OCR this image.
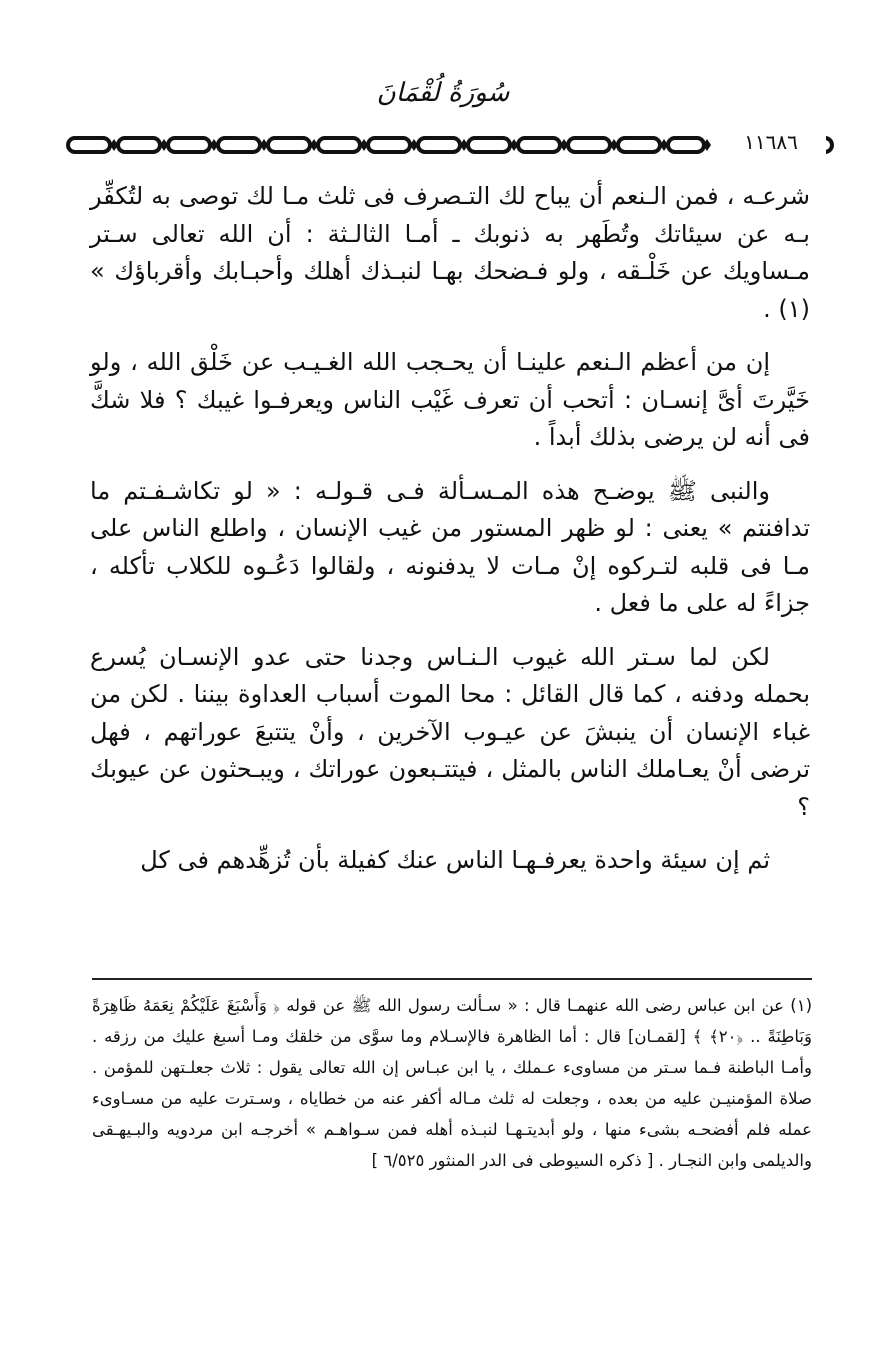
سُورَةُ لُقْمَانَ
١١٦٨٦

شرعـه ، فمن الـنعم أن يباح لك التـصرف فى ثلث مـا لك توصى به لتُكفِّر بـه عن سيئاتك وتُطَهر به ذنوبك ـ أمـا الثالـثة : أن الله تعالى سـتر مـساويك عن خَلْـقه ، ولو فـضحك بهـا لنبـذك أهلك وأحبـابك وأقرباؤك » (١) .

إن من أعظم الـنعم علينـا أن يحـجب الله الغـيـب عن خَلْق الله ، ولو خَيَّرتَ أىَّ إنسـان : أتحب أن تعرف غَيْب الناس ويعرفـوا غيبك ؟ فلا شكَّ فى أنه لن يرضى بذلك أبداً .

والنبى ﷺ يوضـح هذه المـسـألة فـى قـولـه : « لو تكاشـفـتم ما تدافنتم » يعنى : لو ظهر المستور من غيب الإنسان ، واطلع الناس على مـا فى قلبه لتـركوه إنْ مـات لا يدفنونه ، ولقالوا دَعُـوه للكلاب تأكله ، جزاءً له على ما فعل .

لكن لما سـتر الله غيوب الـنـاس وجدنا حتى عدو الإنسـان يُسرع بحمله ودفنه ، كما قال القائل : محا الموت أسباب العداوة بيننا . لكن من غباء الإنسان أن ينبشَ عن عيـوب الآخرين ، وأنْ يتتبعَ عوراتهم ، فهل ترضى أنْ يعـاملك الناس بالمثل ، فيتتـبعون عوراتك ، ويبـحثون عن عيوبك ؟

ثم إن سيئة واحدة يعرفـهـا الناس عنك كفيلة بأن تُزهِّدهم فى كل

(١) عن ابن عباس رضى الله عنهمـا قال : « سـألت رسول الله ﷺ عن قوله ﴿ وَأَسْبَغَ عَلَيْكُمْ نِعَمَهُ ظَاهِرَةً وَبَاطِنَةً .. ﴿٢٠﴾ ﴾ [لقمـان] قال : أما الظاهرة فالإسـلام وما سوَّى من خلقك ومـا أسبغ عليك من رزقه . وأمـا الباطنة فـما سـتر من مساوىء عـملك ، يا ابن عبـاس إن الله تعالى يقول : ثلاث جعلـتهن للمؤمن . صلاة المؤمنيـن عليه من بعده ، وجعلت له ثلث مـاله أكفر عنه من خطاياه ، وسـترت عليه من مسـاوىء عمله فلم أفضحـه بشىء منها ، ولو أبديتـهـا لنبـذه أهله فمن سـواهـم » أخرجـه ابن مردويه والبـيهـقى والديلمى وابن النجـار . [ ذكره السيوطى فى الدر المنثور ٦/٥٢٥ ]
